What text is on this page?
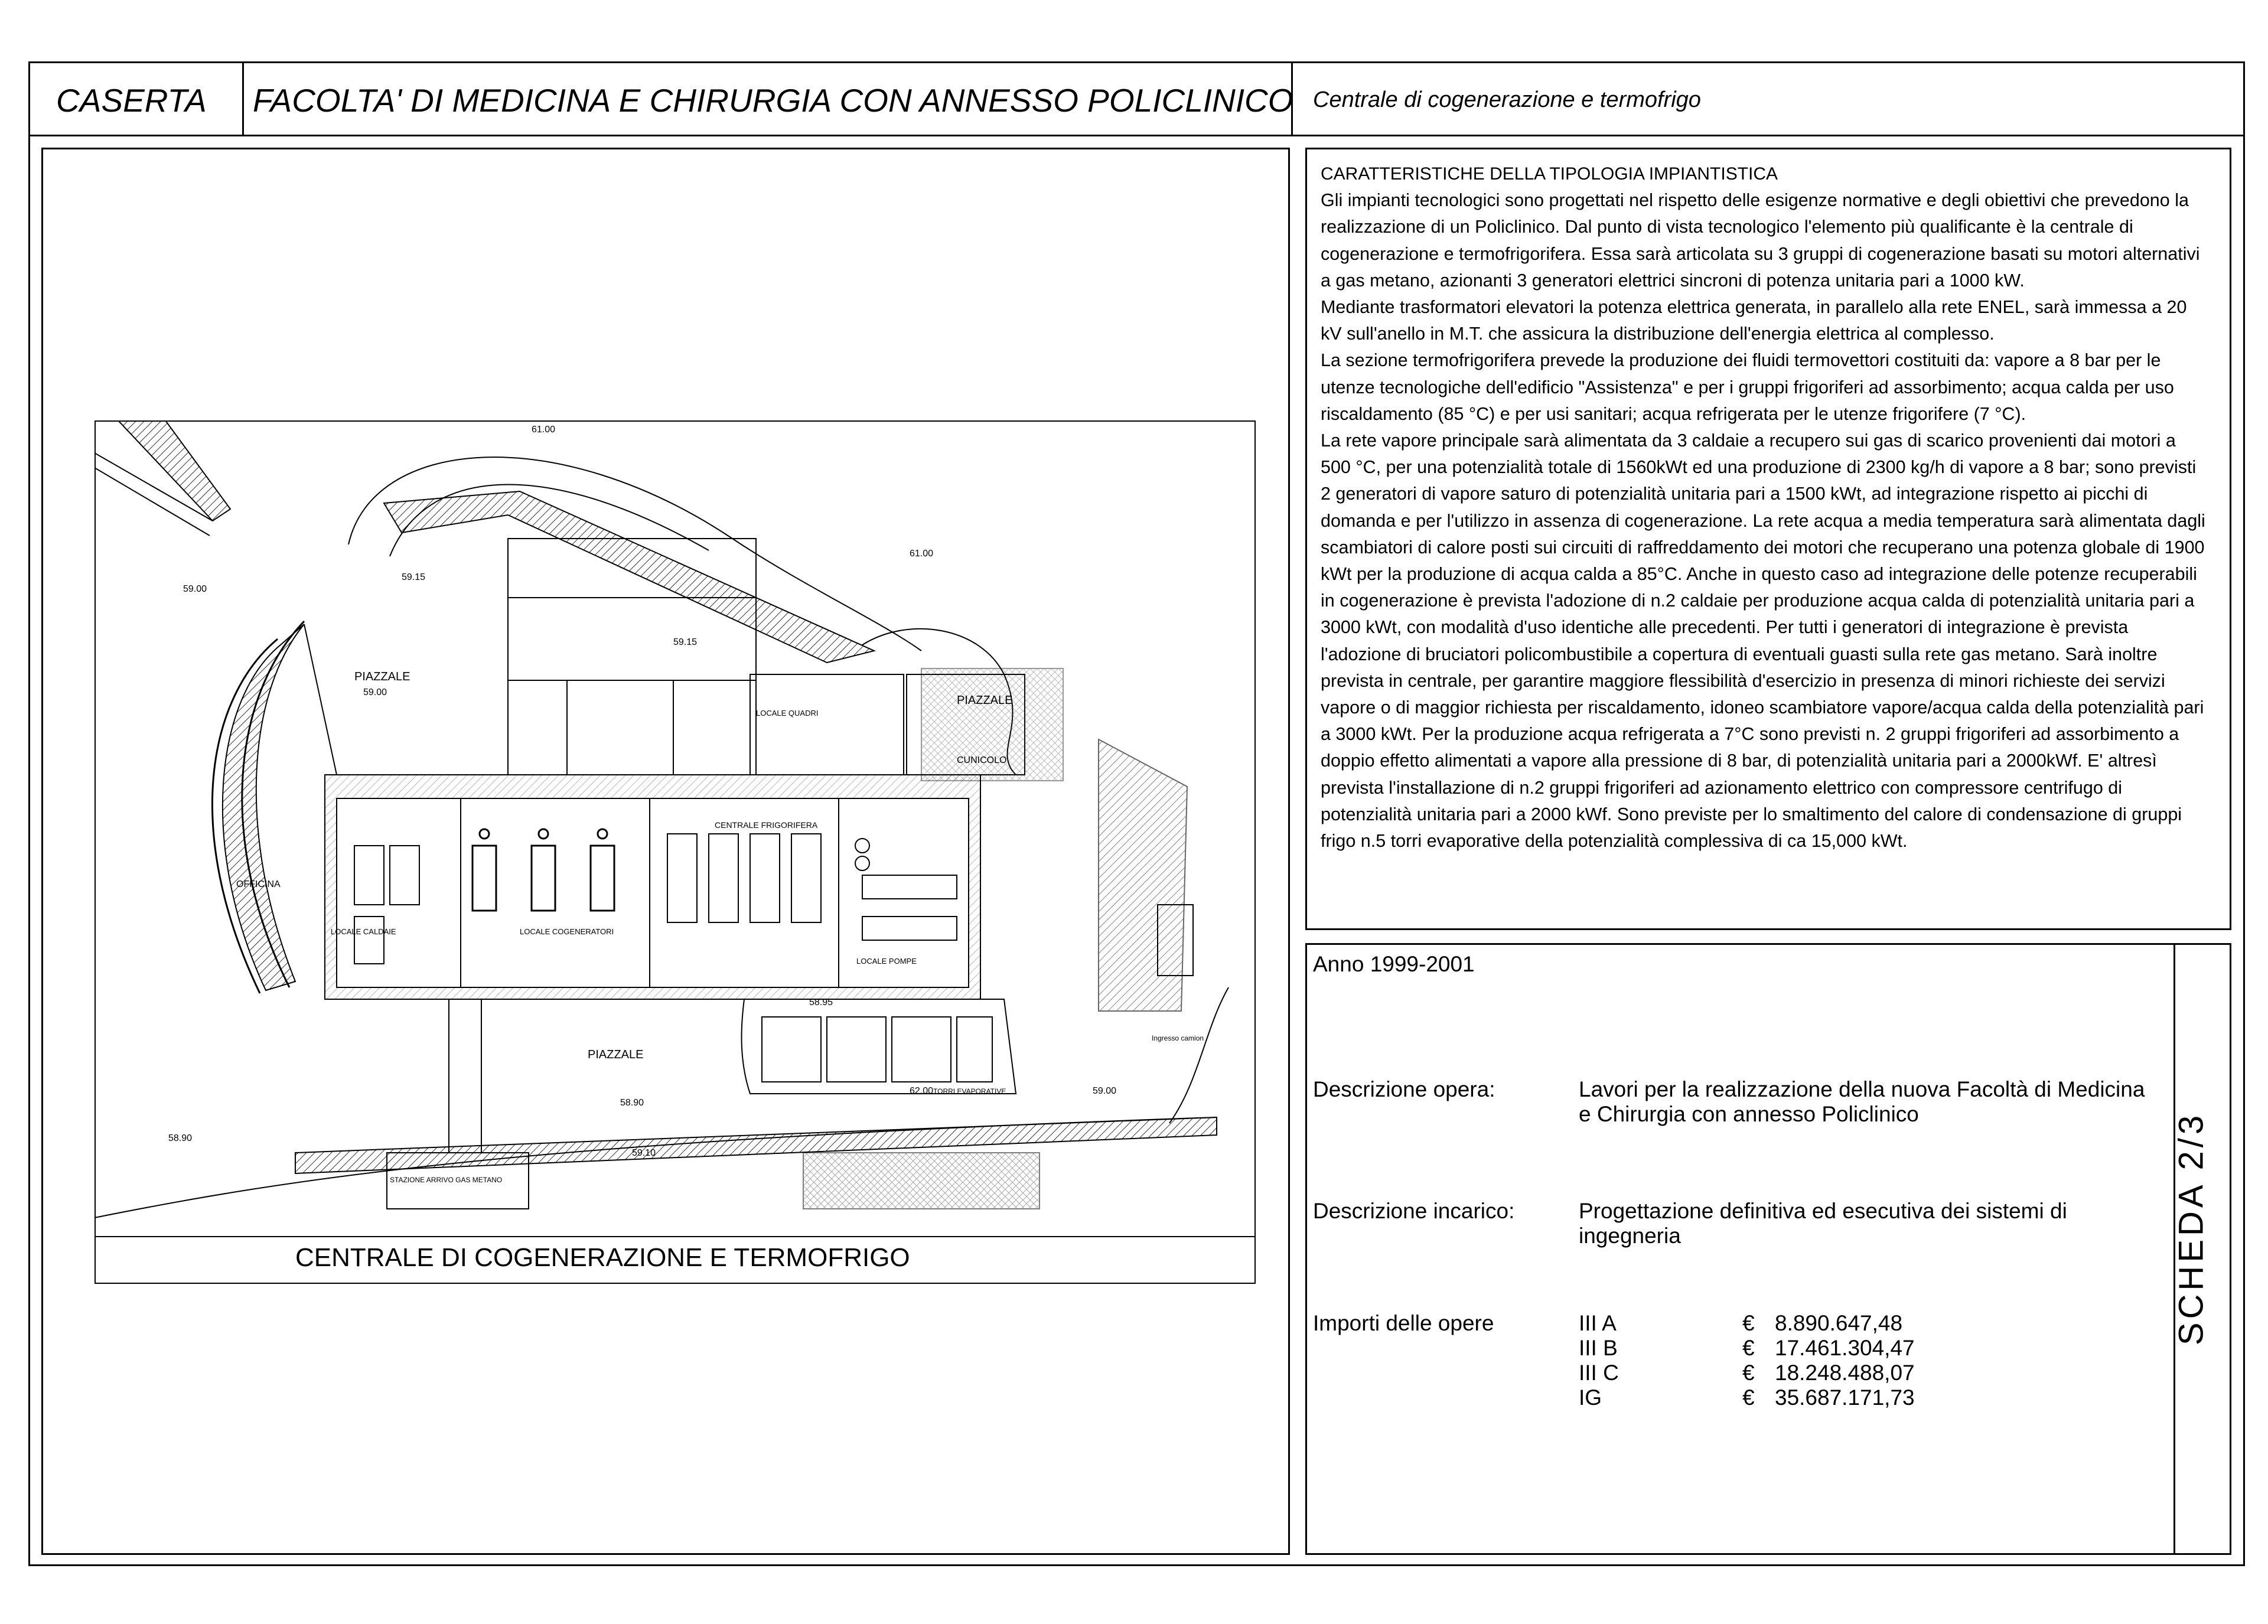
CASERTA FACOLTA' DI MEDICINA E CHIRURGIA CON ANNESSO POLICLINICO Centrale di cogenerazione e termofrigo
CENTRALE DI COGENERAZIONE E TERMOFRIGO
61.00
61.00
59.15
59.15
59.00
PIAZZALE
59.00
PIAZZALE
CUNICOLO
OFFICINA
CENTRALE FRIGORIFERA
LOCALE COGENERATORI
LOCALE CALDAIE
LOCALE POMPE
LOCALE QUADRI
PIAZZALE
58.90
58.95
62.00 TORRI EVAPORATIVE	59.00
58.90
59.10
STAZIONE ARRIVO GAS METANO
Ingresso camion

CARATTERISTICHE DELLA TIPOLOGIA IMPIANTISTICA

Gli impianti tecnologici sono progettati nel rispetto delle esigenze normative e degli obiettivi che prevedono la realizzazione di un Policlinico. Dal punto di vista tecnologico l'elemento più qualificante è la centrale di cogenerazione e termofrigorifera. Essa sarà articolata su 3 gruppi di cogenerazione basati su motori alternativi a gas metano, azionanti 3 generatori elettrici sincroni di potenza unitaria pari a 1000 kW.

Mediante trasformatori elevatori la potenza elettrica generata, in parallelo alla rete ENEL, sarà immessa a 20 kV sull'anello in M.T. che assicura la distribuzione dell'energia elettrica al complesso.

La sezione termofrigorifera prevede la produzione dei fluidi termovettori costituiti da: vapore a 8 bar per le utenze tecnologiche dell'edificio "Assistenza" e per i gruppi frigoriferi ad assorbimento; acqua calda per uso riscaldamento (85 °C) e per usi sanitari; acqua refrigerata per le utenze frigorifere (7 °C).

La rete vapore principale sarà alimentata da 3 caldaie a recupero sui gas di scarico provenienti dai motori a 500 °C, per una potenzialità totale di 1560kWt ed una produzione di 2300 kg/h di vapore a 8 bar; sono previsti 2 generatori di vapore saturo di potenzialità unitaria pari a 1500 kWt, ad integrazione rispetto ai picchi di domanda e per l'utilizzo in assenza di cogenerazione. La rete acqua a media temperatura sarà alimentata dagli scambiatori di calore posti sui circuiti di raffreddamento dei motori che recuperano una potenza globale di 1900 kWt per la produzione di acqua calda a 85°C. Anche in questo caso ad integrazione delle potenze recuperabili in cogenerazione è prevista l'adozione di n.2 caldaie per produzione acqua calda di potenzialità unitaria pari a 3000 kWt, con modalità d'uso identiche alle precedenti. Per tutti i generatori di integrazione è prevista l'adozione di bruciatori policombustibile a copertura di eventuali guasti sulla rete gas metano. Sarà inoltre prevista in centrale, per garantire maggiore flessibilità d'esercizio in presenza di minori richieste dei servizi vapore o di maggior richiesta per riscaldamento, idoneo scambiatore vapore/acqua calda della potenzialità pari a 3000 kWt. Per la produzione acqua refrigerata a 7°C sono previsti n. 2 gruppi frigoriferi ad assorbimento a doppio effetto alimentati a vapore alla pressione di 8 bar, di potenzialità unitaria pari a 2000kWf. E' altresì prevista l'installazione di n.2 gruppi frigoriferi ad azionamento elettrico con compressore centrifugo di potenzialità unitaria pari a 2000 kWf. Sono previste per lo smaltimento del calore di condensazione di gruppi frigo n.5 torri evaporative della potenzialità complessiva di ca 15,000 kWt.

Anno 1999-2001
Descrizione opera:	Lavori per la realizzazione della nuova Facoltà di Medicina e Chirurgia con annesso Policlinico
Descrizione incarico:	Progettazione definitiva ed esecutiva dei sistemi di ingegneria
Importi delle opere	III A	€ 8.890.647,48
III B	€ 17.461.304,47
III C	€ 18.248.488,07
IG	€ 35.687.171,73
SCHEDA 2/3
